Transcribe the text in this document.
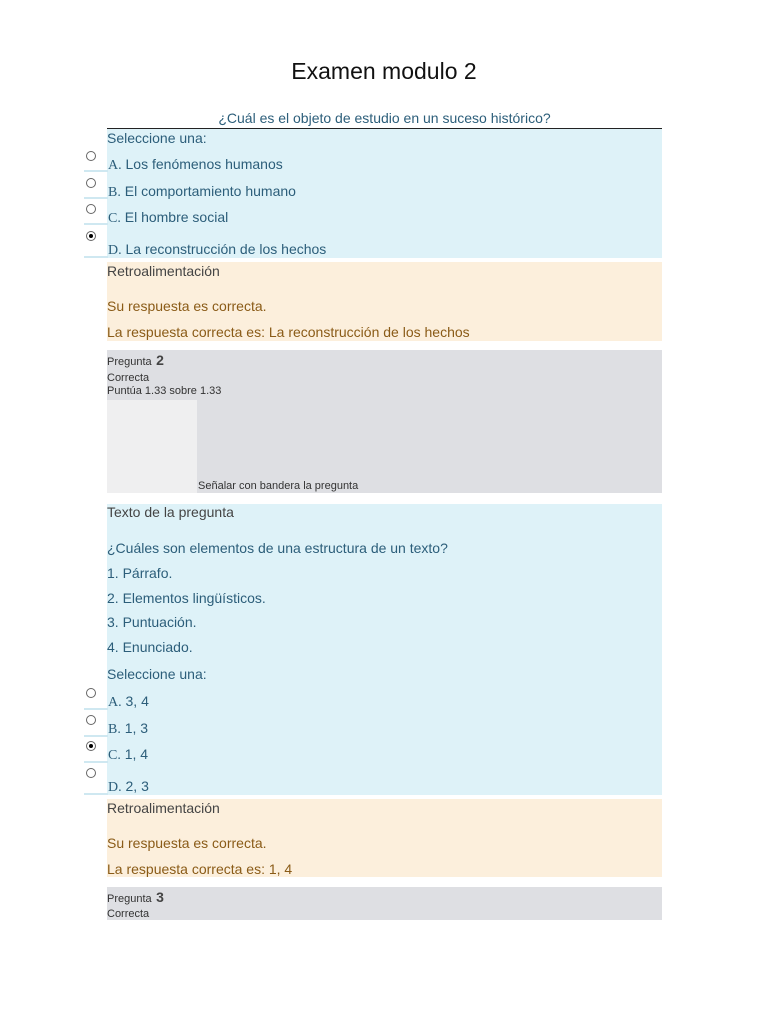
Examen modulo 2
¿Cuál es el objeto de estudio en un suceso histórico?
Seleccione una:
A. Los fenómenos humanos
B. El comportamiento humano
C. El hombre social
D. La reconstrucción de los hechos
Retroalimentación
Su respuesta es correcta.
La respuesta correcta es: La reconstrucción de los hechos
Pregunta 2
Correcta
Puntúa 1.33 sobre 1.33
Señalar con bandera la pregunta
Texto de la pregunta
¿Cuáles son elementos de una estructura de un texto?
1. Párrafo.
2. Elementos lingüísticos.
3. Puntuación.
4. Enunciado.
Seleccione una:
A. 3, 4
B. 1, 3
C. 1, 4
D. 2, 3
Retroalimentación
Su respuesta es correcta.
La respuesta correcta es: 1, 4
Pregunta 3
Correcta
